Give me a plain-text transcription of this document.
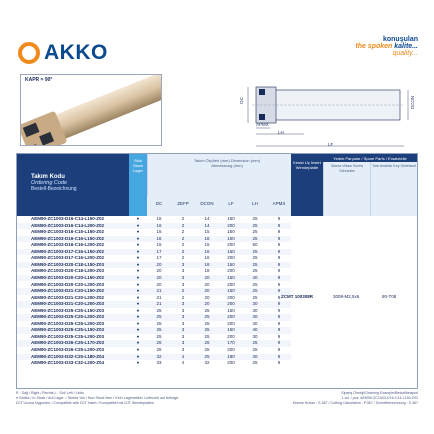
AKKO
konuşulan
the spoken kalite...
quality...
KAPR = 90°
DC
APMX
LH
LF
DCON
Takım Kodu
Ordering Code
Bestell-Bezeichnung
Stok Stock Lager
Takım Ölçüleri (mm) Dimension (mm) Abmessung (mm)
DC	ZEFP	DCON	LF	LH	APMX
Kesici Uç Insert Wendeplatte
Yedek Parçalar / Spare Parts / Ersatzteile
Sıkma Vidası Screw Schraube
Tork Anahtar Key Schlüssel
AEM90-ZC1003-D16-C14-L150-Z02	●	16	2	14	150	25	9
AEM90-ZC1003-D16-C14-L200-Z02	●	16	2	14	200	25	9
AEM90-ZC1003-D16-C15-L150-Z02	●	16	2	15	150	25	9
AEM90-ZC1003-D16-C16-L150-Z02	●	16	2	16	150	25	9
AEM90-ZC1003-D16-C16-L200-Z02	●	16	2	16	200	50	9
AEM90-ZC1003-D17-C16-L150-Z02	●	17	2	16	150	25	9
AEM90-ZC1003-D17-C16-L200-Z02	●	17	2	16	200	25	9
AEM90-ZC1003-D20-C18-L150-Z03	●	20	3	18	150	25	9
AEM90-ZC1003-D20-C18-L200-Z03	●	20	3	18	200	25	9
AEM90-ZC1003-D20-C20-L150-Z02	●	20	3	20	150	40	9
AEM90-ZC1003-D20-C20-L200-Z03	●	20	3	20	200	25	9
AEM90-ZC1003-D21-C20-L150-Z02	●	21	2	20	150	25	9
AEM90-ZC1003-D21-C20-L200-Z02	●	21	2	20	200	25	9
AEM90-ZC1003-D21-C20-L200-Z03	●	21	3	20	200	30	9
AEM90-ZC1003-D25-C25-L150-Z03	●	25	3	25	150	30	9
AEM90-ZC1003-D25-C25-L200-Z03	●	25	3	25	200	30	9
AEM90-ZC1003-D25-C25-L200-Z03	●	25	3	25	200	30	9
AEM90-ZC1003-D25-C25-L150-Z03	●	25	3	25	150	40	9
AEM90-ZC1003-D25-C25-L200-Z03	●	25	3	25	200	30	9
AEM90-ZC1003-D26-C25-L170-Z03	●	26	3	25	170	25	9
AEM90-ZC1003-D26-C25-L200-Z03	●	26	3	25	200	25	9
AEM90-ZC1003-D32-C25-L180-Z04	●	32	4	25	180	30	9
AEM90-ZC1003-D33-C32-L200-Z04	●	33	4	32	200	25	9
ZCMT 100308R	3008-M2,5x6	80-T08
R : Sağ / Right / Rechts L : Sol/ Left / Links
● Stokta / In Stock / Auf Lager ○ Stokta Yok / Non Stock Item / Kein Lagerartikel, Lieferzeit auf Anfrage
DJT Ucuna Uygundur / Compatible with DJT Insert / Kompatibel mit DJT Wendeplatten
Sipariş Örneği/Ordering Example/Bestellbeispiel
1 ad. / pcs: AEM90-ZC1003-D16-C14-L150-Z02
Kesme Hızları : S.367 / Cutting Calculation : P.367 / Schnittberechnung : S.367
